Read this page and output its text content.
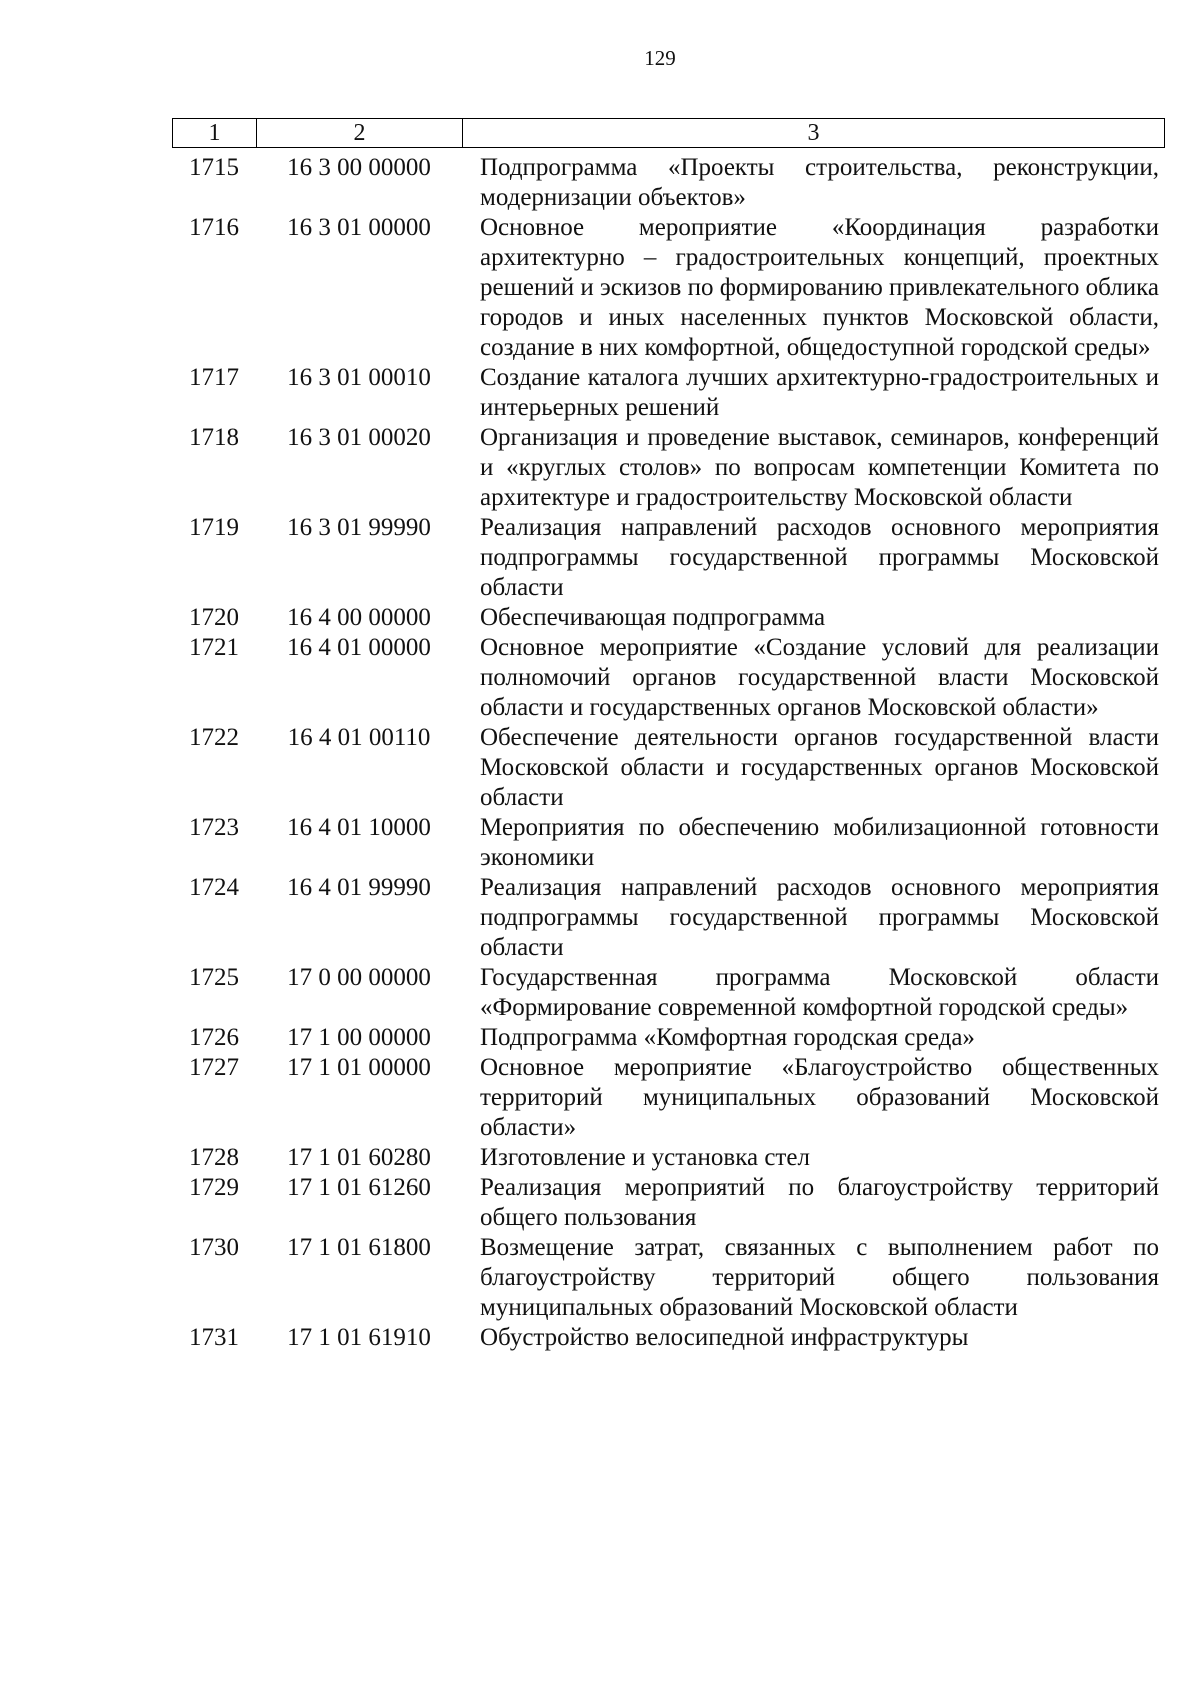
129
1	2	3
1715	16 3 00 00000	Подпрограмма «Проекты строительства, реконструкции, модернизации объектов»
1716	16 3 01 00000	Основное мероприятие «Координация разработки архитектурно – градостроительных концепций, проектных решений и эскизов по формированию привлекательного облика городов и иных населенных пунктов Московской области, создание в них комфортной, общедоступной городской среды»
1717	16 3 01 00010	Создание каталога лучших архитектурно-градостроительных и интерьерных решений
1718	16 3 01 00020	Организация и проведение выставок, семинаров, конференций и «круглых столов» по вопросам компетенции Комитета по архитектуре и градостроительству Московской области
1719	16 3 01 99990	Реализация направлений расходов основного мероприятия подпрограммы государственной программы Московской области
1720	16 4 00 00000	Обеспечивающая подпрограмма
1721	16 4 01 00000	Основное мероприятие «Создание условий для реализации полномочий органов государственной власти Московской области и государственных органов Московской области»
1722	16 4 01 00110	Обеспечение деятельности органов государственной власти Московской области и государственных органов Московской области
1723	16 4 01 10000	Мероприятия по обеспечению мобилизационной готовности экономики
1724	16 4 01 99990	Реализация направлений расходов основного мероприятия подпрограммы государственной программы Московской области
1725	17 0 00 00000	Государственная программа Московской области «Формирование современной комфортной городской среды»
1726	17 1 00 00000	Подпрограмма «Комфортная городская среда»
1727	17 1 01 00000	Основное мероприятие «Благоустройство общественных территорий муниципальных образований Московской области»
1728	17 1 01 60280	Изготовление и установка стел
1729	17 1 01 61260	Реализация мероприятий по благоустройству территорий общего пользования
1730	17 1 01 61800	Возмещение затрат, связанных с выполнением работ по благоустройству территорий общего пользования муниципальных образований Московской области
1731	17 1 01 61910	Обустройство велосипедной инфраструктуры
